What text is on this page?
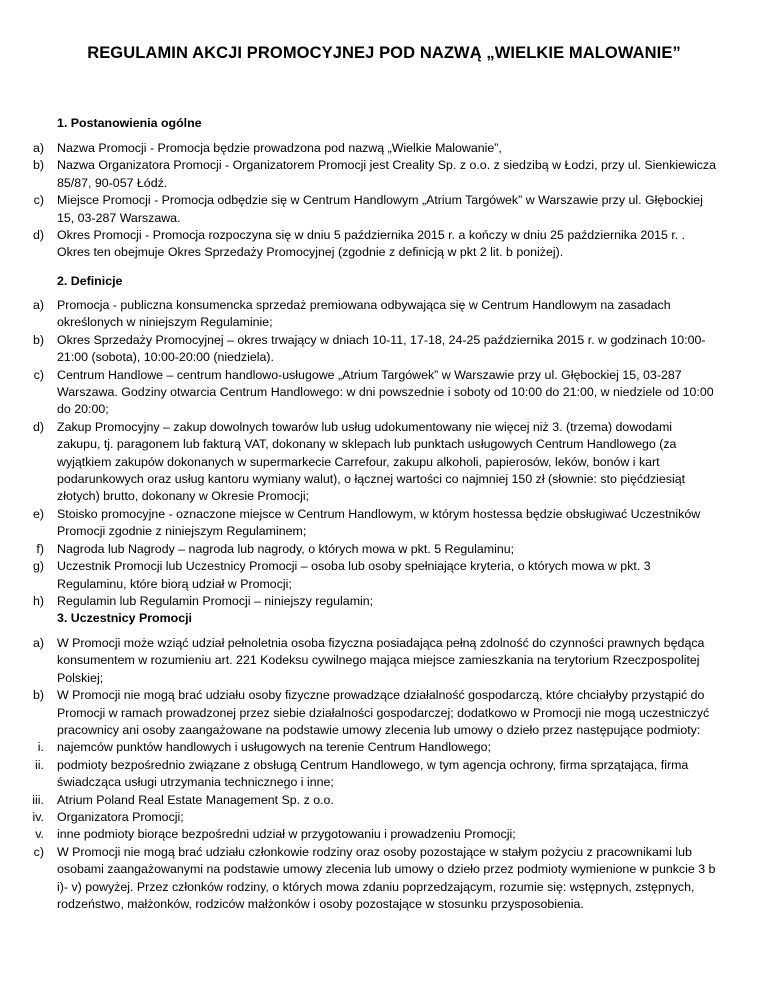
REGULAMIN AKCJI PROMOCYJNEJ POD NAZWĄ „WIELKIE MALOWANIE”
1. Postanowienia ogólne
a) Nazwa Promocji - Promocja będzie prowadzona pod nazwą „Wielkie Malowanie”,
b) Nazwa Organizatora Promocji - Organizatorem Promocji jest Creality Sp. z o.o. z siedzibą w Łodzi, przy ul. Sienkiewicza 85/87, 90-057 Łódź.
c) Miejsce Promocji - Promocja odbędzie się w Centrum Handlowym „Atrium Targówek” w Warszawie przy ul. Głębockiej 15, 03-287 Warszawa.
d) Okres Promocji - Promocja rozpoczyna się w dniu 5 października 2015 r. a kończy w dniu 25 października 2015 r. . Okres ten obejmuje Okres Sprzedaży Promocyjnej (zgodnie z definicją w pkt 2 lit. b poniżej).
2. Definicje
a) Promocja - publiczna konsumencka sprzedaż premiowana odbywająca się w Centrum Handlowym na zasadach określonych w niniejszym Regulaminie;
b) Okres Sprzedaży Promocyjnej – okres trwający w dniach 10-11, 17-18, 24-25 października 2015 r. w godzinach 10:00-21:00 (sobota), 10:00-20:00 (niedziela).
c) Centrum Handlowe – centrum handlowo-usługowe „Atrium Targówek” w Warszawie przy ul. Głębockiej 15, 03-287 Warszawa. Godziny otwarcia Centrum Handlowego: w dni powszednie i soboty od 10:00 do 21:00, w niedziele od 10:00 do 20:00;
d) Zakup Promocyjny – zakup dowolnych towarów lub usług udokumentowany nie więcej niż 3. (trzema) dowodami zakupu, tj. paragonem lub fakturą VAT, dokonany w sklepach lub punktach usługowych Centrum Handlowego (za wyjątkiem zakupów dokonanych w supermarkecie Carrefour, zakupu alkoholi, papierosów, leków, bonów i kart podarunkowych oraz usług kantoru wymiany walut), o łącznej wartości co najmniej 150 zł (słownie: sto pięćdziesiąt złotych) brutto, dokonany w Okresie Promocji;
e) Stoisko promocyjne - oznaczone miejsce w Centrum Handlowym, w którym hostessa będzie obsługiwać Uczestników Promocji zgodnie z niniejszym Regulaminem;
f) Nagroda lub Nagrody – nagroda lub nagrody, o których mowa w pkt. 5 Regulaminu;
g) Uczestnik Promocji lub Uczestnicy Promocji – osoba lub osoby spełniające kryteria, o których mowa w pkt. 3 Regulaminu, które biorą udział w Promocji;
h) Regulamin lub Regulamin Promocji – niniejszy regulamin;
3. Uczestnicy Promocji
a) W Promocji może wziąć udział pełnoletnia osoba fizyczna posiadająca pełną zdolność do czynności prawnych będąca konsumentem w rozumieniu art. 221 Kodeksu cywilnego mająca miejsce zamieszkania na terytorium Rzeczpospolitej Polskiej;
b) W Promocji nie mogą brać udziału osoby fizyczne prowadzące działalność gospodarczą, które chciałyby przystąpić do Promocji w ramach prowadzonej przez siebie działalności gospodarczej; dodatkowo w Promocji nie mogą uczestniczyć pracownicy ani osoby zaangażowane na podstawie umowy zlecenia lub umowy o dzieło przez następujące podmioty:
i. najemców punktów handlowych i usługowych na terenie Centrum Handlowego;
ii. podmioty bezpośrednio związane z obsługą Centrum Handlowego, w tym agencja ochrony, firma sprzątająca, firma świadcząca usługi utrzymania technicznego i inne;
iii. Atrium Poland Real Estate Management Sp. z o.o.
iv. Organizatora Promocji;
v. inne podmioty biorące bezpośredni udział w przygotowaniu i prowadzeniu Promocji;
c) W Promocji nie mogą brać udziału członkowie rodziny oraz osoby pozostające w stałym pożyciu z pracownikami lub osobami zaangażowanymi na podstawie umowy zlecenia lub umowy o dzieło przez podmioty wymienione w punkcie 3 b i)- v) powyżej. Przez członków rodziny, o których mowa zdaniu poprzedzającym, rozumie się: wstępnych, zstępnych, rodzeństwo, małżonków, rodziców małżonków i osoby pozostające w stosunku przysposobienia.
